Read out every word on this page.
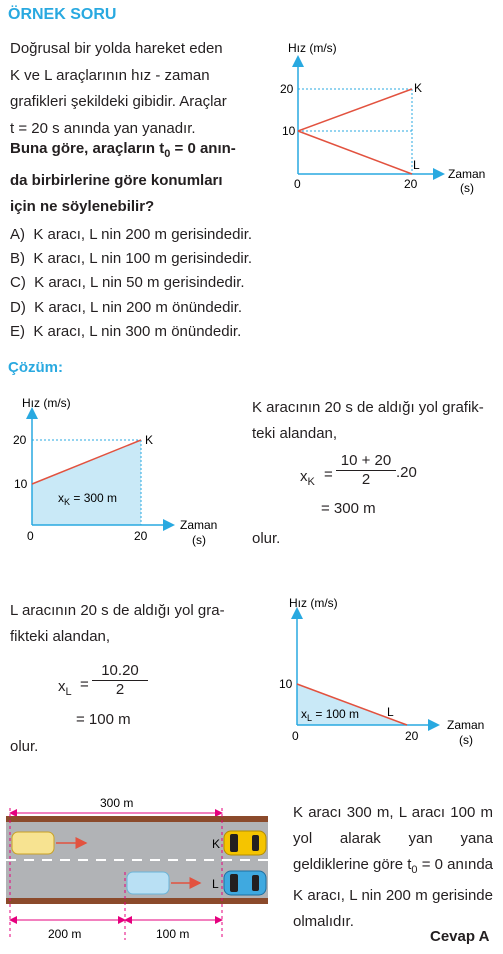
ÖRNEK SORU
Doğrusal bir yolda hareket eden
K ve L araçlarının hız - zaman
grafikleri şekildeki gibidir. Araçlar
t = 20 s anında yan yanadır.
Buna göre, araçların $t_0 = 0$ anın-
da birbirlerine göre konumları
için ne söylenebilir?
Hız (m/s)
20
10
0	20
K
L
Zaman
(s)
A) K aracı, L nin 200 m gerisindedir.
B) K aracı, L nin 100 m gerisindedir.
C) K aracı, L nin 50 m gerisindedir.
D) K aracı, L nin 200 m önündedir.
E) K aracı, L nin 300 m önündedir.
Çözüm:
Hız (m/s)
20
10
0	20
K
Zaman
(s)
$x_K = 300$ m
K aracının 20 s de aldığı yol grafik-
teki alandan,
$x_K$ =
10 + 20
2	.20
= 300 m
olur.
L aracının 20 s de aldığı yol gra-
fikteki alandan,
$x_L$ =
10.20
2
= 100 m
olur.
Hız (m/s)
10
0	20
L
Zaman
(s)
$x_L = 100$ m
300 m
K
L
200 m	100 m
K aracı 300 m, L aracı 100 m yol alarak yan yana geldiklerine göre $t_0 = 0$ anında K aracı, L nin 200 m gerisinde olmalıdır.
Cevap A
